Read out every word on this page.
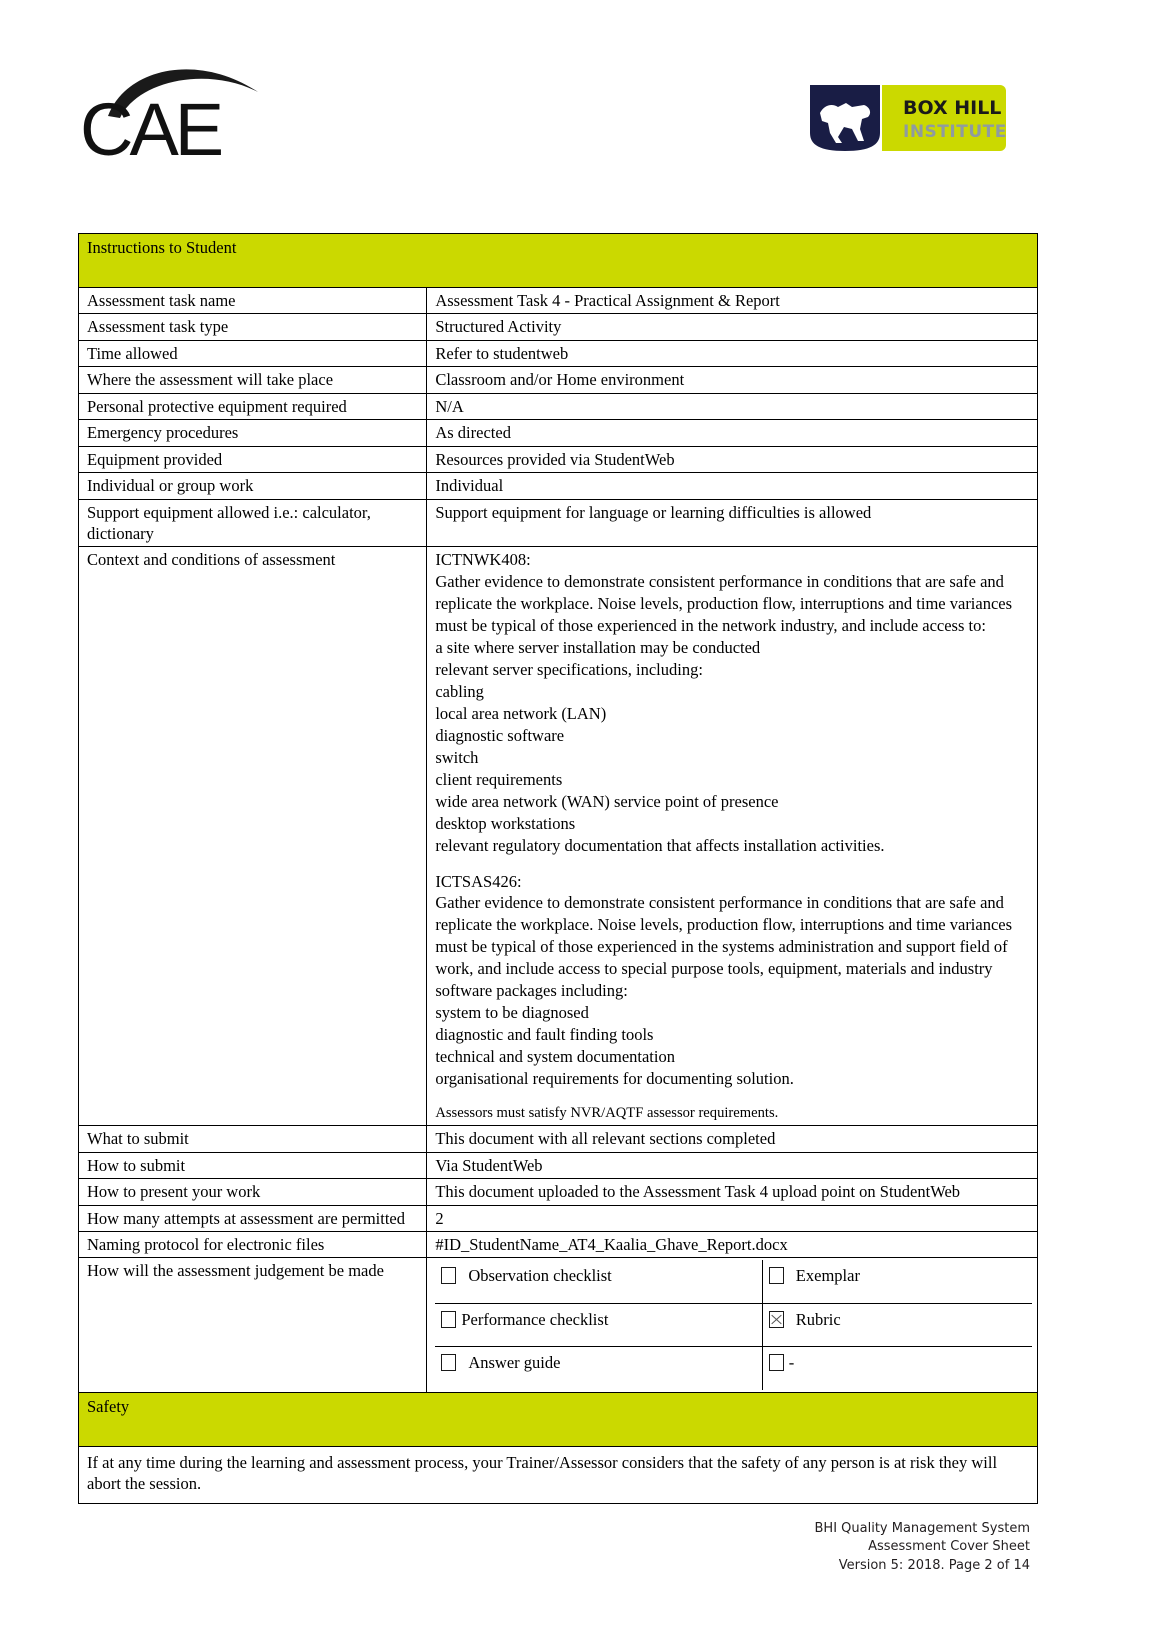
CAE	BOX HILL
INSTITUTE
Instructions to Student
Assessment task name	Assessment Task 4 - Practical Assignment & Report
Assessment task type	Structured Activity
Time allowed	Refer to studentweb
Where the assessment will take place	Classroom and/or Home environment
Personal protective equipment required	N/A
Emergency procedures	As directed
Equipment provided	Resources provided via StudentWeb
Individual or group work	Individual
Support equipment allowed i.e.: calculator, dictionary	Support equipment for language or learning difficulties is allowed
Context and conditions of assessment	ICTNWK408:
Gather evidence to demonstrate consistent performance in conditions that are safe and replicate the workplace. Noise levels, production flow, interruptions and time variances must be typical of those experienced in the network industry, and include access to:
a site where server installation may be conducted
relevant server specifications, including:
cabling
local area network (LAN)
diagnostic software
switch
client requirements
wide area network (WAN) service point of presence
desktop workstations
relevant regulatory documentation that affects installation activities.
ICTSAS426:
Gather evidence to demonstrate consistent performance in conditions that are safe and replicate the workplace. Noise levels, production flow, interruptions and time variances must be typical of those experienced in the systems administration and support field of work, and include access to special purpose tools, equipment, materials and industry software packages including:
system to be diagnosed
diagnostic and fault finding tools
technical and system documentation
organisational requirements for documenting solution.
Assessors must satisfy NVR/AQTF assessor requirements.

What to submit	This document with all relevant sections completed
How to submit	Via StudentWeb
How to present your work	This document uploaded to the Assessment Task 4 upload point on StudentWeb
How many attempts at assessment are permitted	2
Naming protocol for electronic files	#ID_StudentName_AT4_Kaalia_Ghave_Report.docx
How will the assessment judgement be made		Observation checklist	Exemplar

Performance checklist	Rubric

Answer guide	-

Safety
If at any time during the learning and assessment process, your Trainer/Assessor considers that the safety of any person is at risk they will abort the session.
BHI Quality Management System
Assessment Cover Sheet
Version 5: 2018. Page 2 of 14
